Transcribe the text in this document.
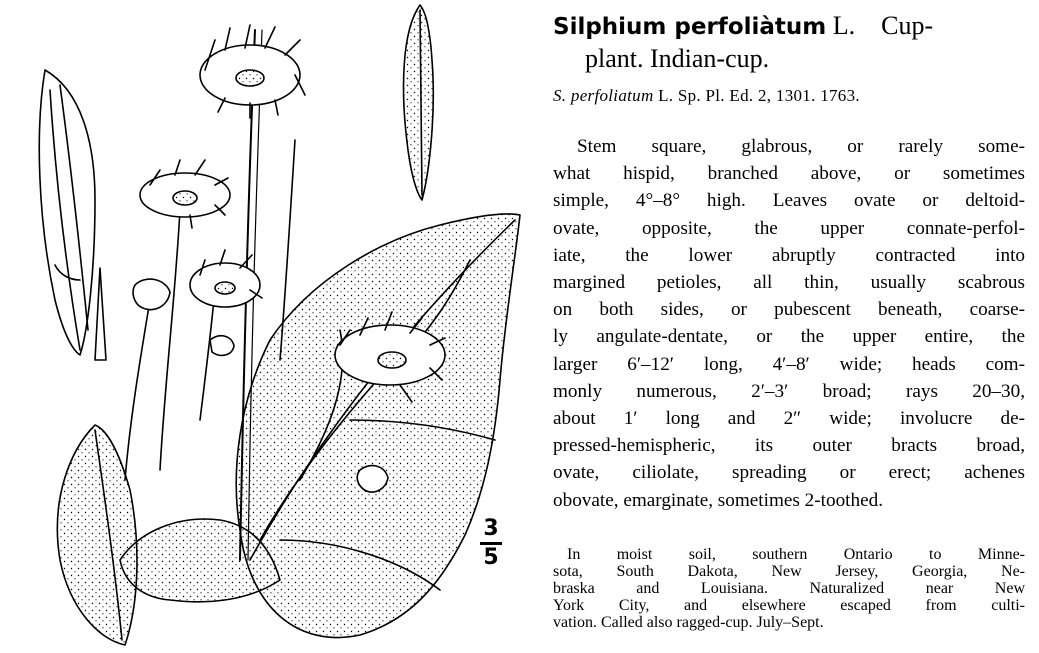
3
5
Silphium perfoliàtum L. Cup-
plant. Indian-cup.
S. perfoliatum L. Sp. Pl. Ed. 2, 1301. 1763.
Stem square, glabrous, or rarely some-
what hispid, branched above, or sometimes
simple, 4°–8° high. Leaves ovate or deltoid-
ovate, opposite, the upper connate-perfol-
iate, the lower abruptly contracted into
margined petioles, all thin, usually scabrous
on both sides, or pubescent beneath, coarse-
ly angulate-dentate, or the upper entire, the
larger 6′–12′ long, 4′–8′ wide; heads com-
monly numerous, 2′–3′ broad; rays 20–30,
about 1′ long and 2″ wide; involucre de-
pressed-hemispheric, its outer bracts broad,
ovate, ciliolate, spreading or erect; achenes
obovate, emarginate, sometimes 2-toothed.
In moist soil, southern Ontario to Minne-
sota, South Dakota, New Jersey, Georgia, Ne-
braska and Louisiana. Naturalized near New
York City, and elsewhere escaped from culti-
vation. Called also ragged-cup. July–Sept.
